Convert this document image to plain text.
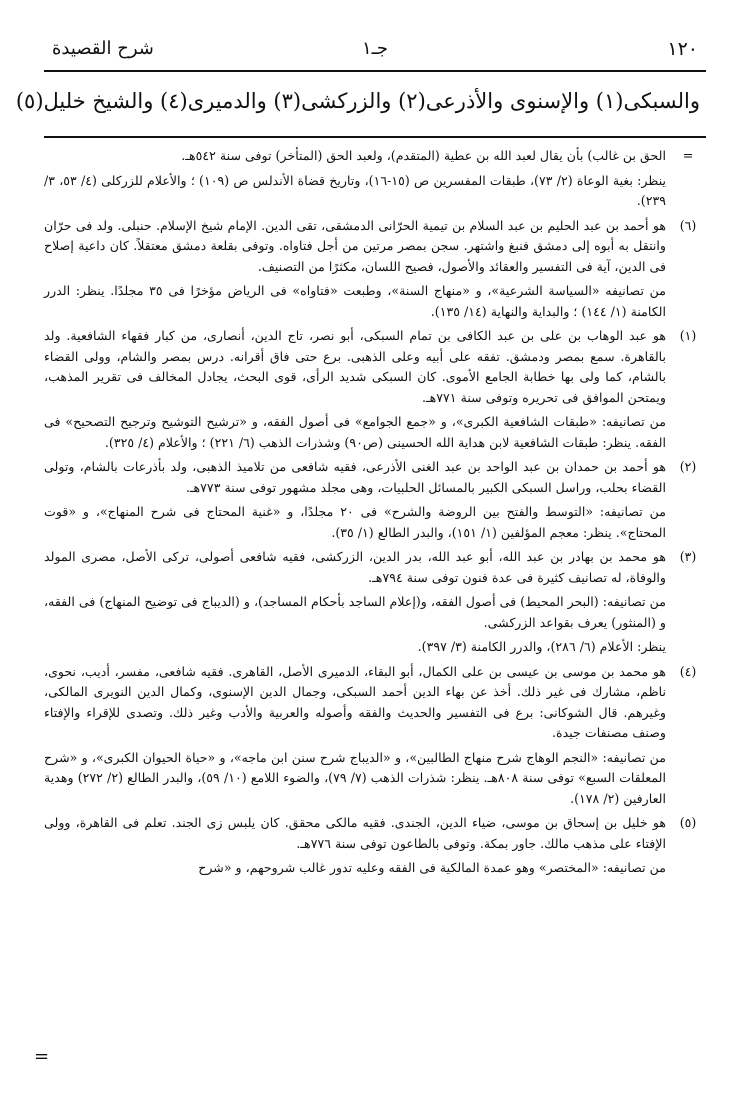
١٢٠
جـ١
شرح القصيدة
والسبكى(١) والإسنوى والأذرعى(٢) والزركشى(٣) والدميرى(٤) والشيخ خليل(٥)
=

الحق بن غالب) بأن يقال لعبد الله بن عطية (المتقدم)، ولعبد الحق (المتأخر) توفى سنة ٥٤٢هـ.

ينظر: بغية الوعاة (٢/ ٧٣)، طبقات المفسرين ص (١٥-١٦)، وتاريخ قضاة الأندلس ص (١٠٩) ؛ والأعلام للزركلى (٤/ ٥٣، ٣/ ٢٣٩).

(٦)

هو أحمد بن عبد الحليم بن عبد السلام بن تيمية الحرّانى الدمشقى، تقى الدين. الإمام شيخ الإسلام. حنبلى. ولد فى حرّان وانتقل به أبوه إلى دمشق فنبغ واشتهر. سجن بمصر مرتين من أجل فتاواه. وتوفى بقلعة دمشق معتقلاً. كان داعية إصلاح فى الدين، آية فى التفسير والعقائد والأصول، فصيح اللسان، مكثرًا من التصنيف.

من تصانيفه «السياسة الشرعية»، و «منهاج السنة»، وطبعت «فتاواه» فى الرياض مؤخرًا فى ٣٥ مجلدًا. ينظر: الدرر الكامنة (١/ ١٤٤) ؛ والبداية والنهاية (١٤/ ١٣٥).

(١)

هو عبد الوهاب بن على بن عبد الكافى بن تمام السبكى، أبو نصر، تاج الدين، أنصارى، من كبار فقهاء الشافعية. ولد بالقاهرة. سمع بمصر ودمشق. تفقه على أبيه وعلى الذهبى. برع حتى فاق أقرانه. درس بمصر والشام، وولى القضاء بالشام، كما ولى بها خطابة الجامع الأموى. كان السبكى شديد الرأى، قوى البحث، يجادل المخالف فى تقرير المذهب، ويمتحن الموافق فى تحريره وتوفى سنة ٧٧١هـ.

من تصانيفه: «طبقات الشافعية الكبرى»، و «جمع الجوامع» فى أصول الفقه، و «ترشيح التوشيح وترجيح التصحيح» فى الفقه. ينظر: طبقات الشافعية لابن هداية الله الحسينى (ص٩٠) وشذرات الذهب (٦/ ٢٢١) ؛ والأعلام (٤/ ٣٢٥).

(٢)

هو أحمد بن حمدان بن عبد الواحد بن عبد الغنى الأذرعى، فقيه شافعى من تلاميذ الذهبى، ولد بأذرعات بالشام، وتولى القضاء بحلب، وراسل السبكى الكبير بالمسائل الحلبيات، وهى مجلد مشهور توفى سنة ٧٧٣هـ.

من تصانيفه: «التوسط والفتح بين الروضة والشرح» فى ٢٠ مجلدًا، و «غنية المحتاج فى شرح المنهاج»، و «قوت المحتاج». ينظر: معجم المؤلفين (١/ ١٥١)، والبدر الطالع (١/ ٣٥).

(٣)

هو محمد بن بهادر بن عبد الله، أبو عبد الله، بدر الدين، الزركشى، فقيه شافعى أصولى، تركى الأصل، مصرى المولد والوفاة، له تصانيف كثيرة فى عدة فنون توفى سنة ٧٩٤هـ.

من تصانيفه: (البحر المحيط) فى أصول الفقه، و(إعلام الساجد بأحكام المساجد)، و (الديباج فى توضيح المنهاج) فى الفقه، و (المنثور) يعرف بقواعد الزركشى.

ينظر: الأعلام (٦/ ٢٨٦)، والدرر الكامنة (٣/ ٣٩٧).

(٤)

هو محمد بن موسى بن عيسى بن على الكمال، أبو البقاء، الدميرى الأصل، القاهرى. فقيه شافعى، مفسر، أديب، نحوى، ناظم، مشارك فى غير ذلك. أخذ عن بهاء الدين أحمد السبكى، وجمال الدين الإسنوى، وكمال الدين النويرى المالكى، وغيرهم. قال الشوكانى: برع فى التفسير والحديث والفقه وأصوله والعربية والأدب وغير ذلك. وتصدى للإقراء والإفتاء وصنف مصنفات جيدة.

من تصانيفه: «النجم الوهاج شرح منهاج الطالبين»، و «الديباج شرح سنن ابن ماجه»، و «حياة الحيوان الكبرى»، و «شرح المعلقات السبع» توفى سنة ٨٠٨هـ. ينظر: شذرات الذهب (٧/ ٧٩)، والضوء اللامع (١٠/ ٥٩)، والبدر الطالع (٢/ ٢٧٢) وهدية العارفين (٢/ ١٧٨).

(٥)

هو خليل بن إسحاق بن موسى، ضياء الدين، الجندى. فقيه مالكى محقق. كان يلبس زى الجند. تعلم فى القاهرة، وولى الإفتاء على مذهب مالك. جاور بمكة. وتوفى بالطاعون توفى سنة ٧٧٦هـ.

من تصانيفه: «المختصر» وهو عمدة المالكية فى الفقه وعليه تدور غالب شروحهم، و «شرح

=
